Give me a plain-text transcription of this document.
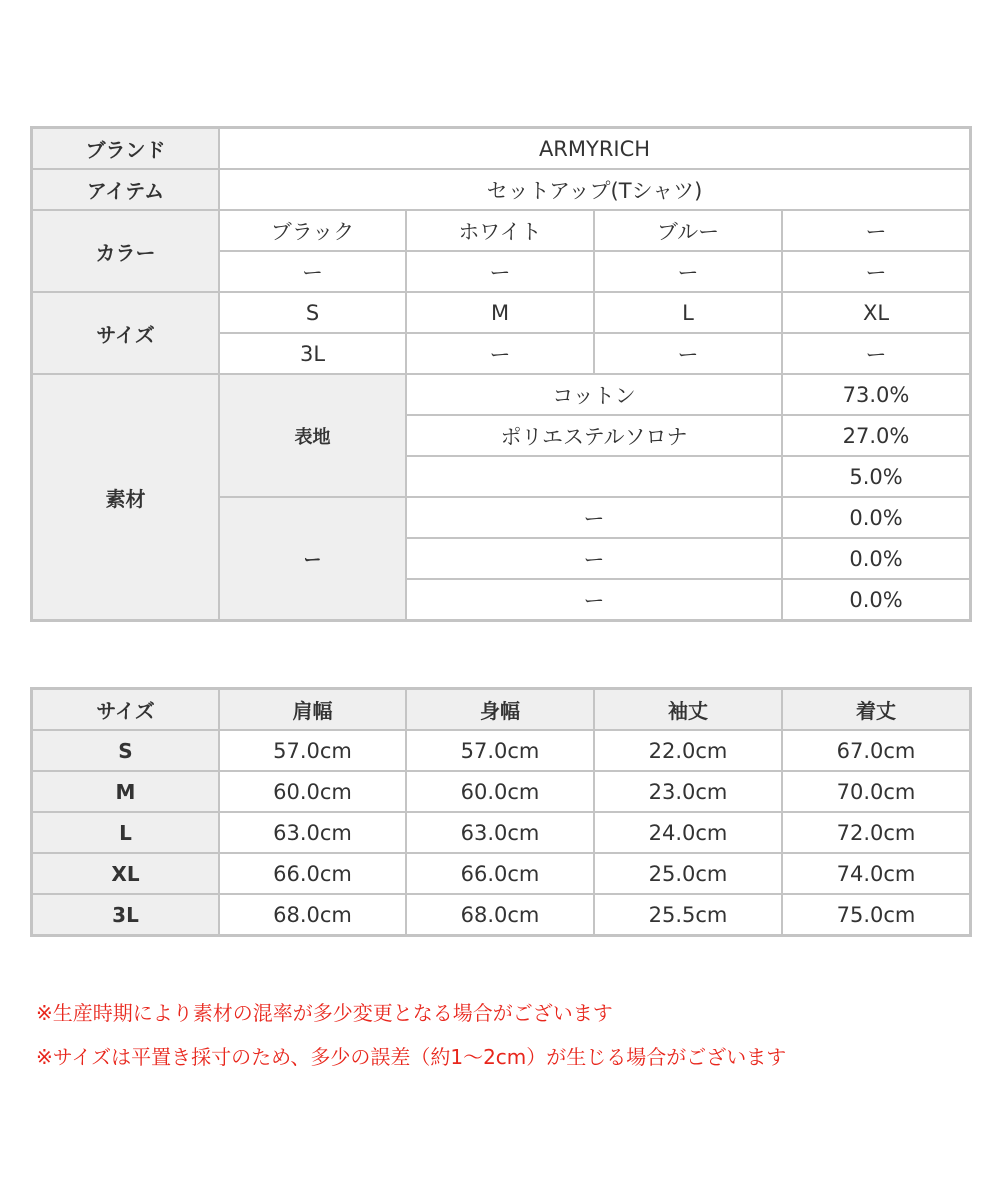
ブランド	ARMYRICH			
アイテム	セットアップ(Tシャツ)			
カラー	ブラック	ホワイト	ブルー	ー
	ー	ー	ー	ー
サイズ	S	M	L	XL
	3L	ー	ー	ー
素材	表地	コットン		73.0%
		ポリエステルソロナ		27.0%
				5.0%
	ー	ー		0.0%
		ー		0.0%
		ー		0.0%
サイズ	肩幅	身幅	袖丈	着丈
S	57.0cm	57.0cm	22.0cm	67.0cm
M	60.0cm	60.0cm	23.0cm	70.0cm
L	63.0cm	63.0cm	24.0cm	72.0cm
XL	66.0cm	66.0cm	25.0cm	74.0cm
3L	68.0cm	68.0cm	25.5cm	75.0cm
※生産時期により素材の混率が多少変更となる場合がございます
※サイズは平置き採寸のため、多少の誤差（約1～2cm）が生じる場合がございます
